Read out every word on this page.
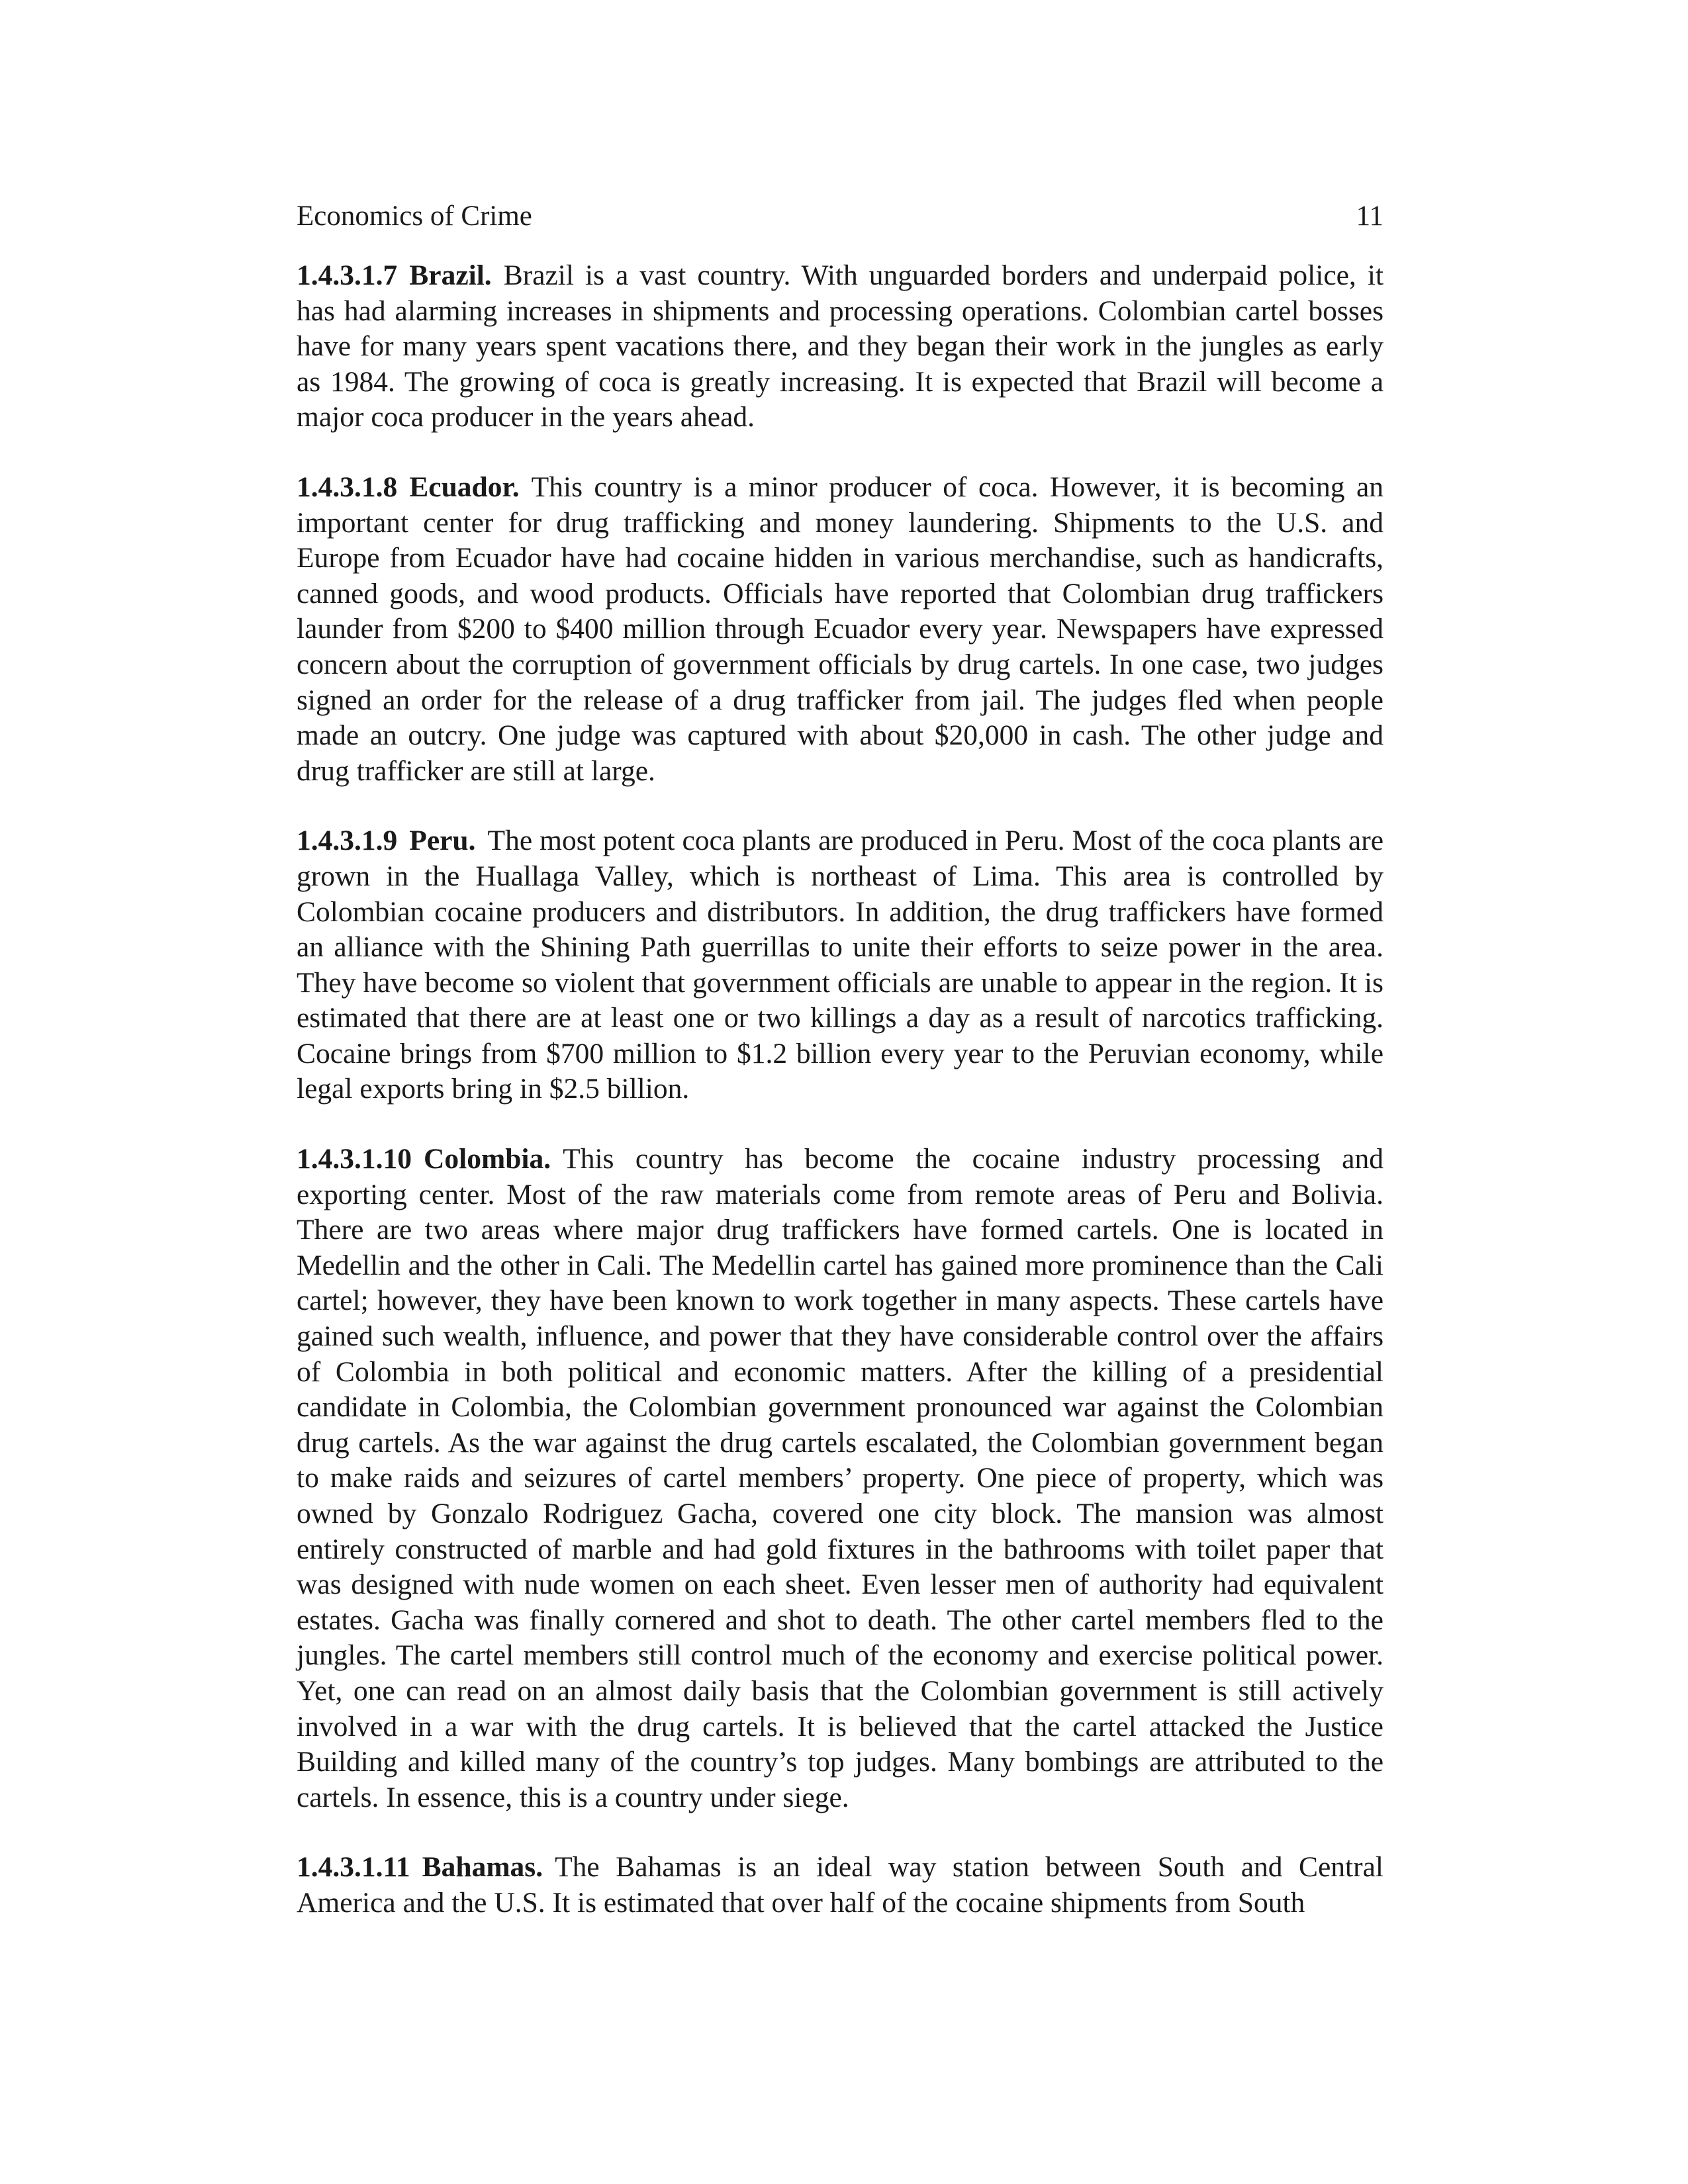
Economics of Crime	11

1.4.3.1.7 Brazil. Brazil is a vast country. With unguarded borders and underpaid police, it has had alarming increases in shipments and processing operations. Colombian cartel bosses have for many years spent vacations there, and they began their work in the jungles as early as 1984. The growing of coca is greatly increasing. It is expected that Brazil will become a major coca producer in the years ahead.

1.4.3.1.8 Ecuador. This country is a minor producer of coca. However, it is becoming an important center for drug trafficking and money laundering. Shipments to the U.S. and Europe from Ecuador have had cocaine hidden in various merchandise, such as handicrafts, canned goods, and wood products. Officials have reported that Colombian drug traffickers launder from $200 to $400 million through Ecuador every year. Newspapers have expressed concern about the corruption of government officials by drug cartels. In one case, two judges signed an order for the release of a drug trafficker from jail. The judges fled when people made an outcry. One judge was captured with about $20,000 in cash. The other judge and drug trafficker are still at large.

1.4.3.1.9 Peru. The most potent coca plants are produced in Peru. Most of the coca plants are grown in the Huallaga Valley, which is northeast of Lima. This area is controlled by Colombian cocaine producers and distributors. In addition, the drug traffickers have formed an alliance with the Shining Path guerrillas to unite their efforts to seize power in the area. They have become so violent that government officials are unable to appear in the region. It is estimated that there are at least one or two killings a day as a result of narcotics trafficking. Cocaine brings from $700 million to $1.2 billion every year to the Peruvian economy, while legal exports bring in $2.5 billion.

1.4.3.1.10 Colombia. This country has become the cocaine industry processing and exporting center. Most of the raw materials come from remote areas of Peru and Bolivia. There are two areas where major drug traffickers have formed cartels. One is located in Medellin and the other in Cali. The Medellin cartel has gained more prominence than the Cali cartel; however, they have been known to work together in many aspects. These cartels have gained such wealth, influence, and power that they have considerable control over the affairs of Colombia in both political and economic matters. After the killing of a presidential candidate in Colombia, the Colombian government pronounced war against the Colombian drug cartels. As the war against the drug cartels escalated, the Colombian government began to make raids and seizures of cartel members’ property. One piece of property, which was owned by Gonzalo Rodriguez Gacha, covered one city block. The mansion was almost entirely constructed of marble and had gold fixtures in the bathrooms with toilet paper that was designed with nude women on each sheet. Even lesser men of authority had equivalent estates. Gacha was finally cornered and shot to death. The other cartel members fled to the jungles. The cartel members still control much of the economy and exercise political power. Yet, one can read on an almost daily basis that the Colombian government is still actively involved in a war with the drug cartels. It is believed that the cartel attacked the Justice Building and killed many of the country’s top judges. Many bombings are attributed to the cartels. In essence, this is a country under siege.

1.4.3.1.11 Bahamas. The Bahamas is an ideal way station between South and Central America and the U.S. It is estimated that over half of the cocaine shipments from South
